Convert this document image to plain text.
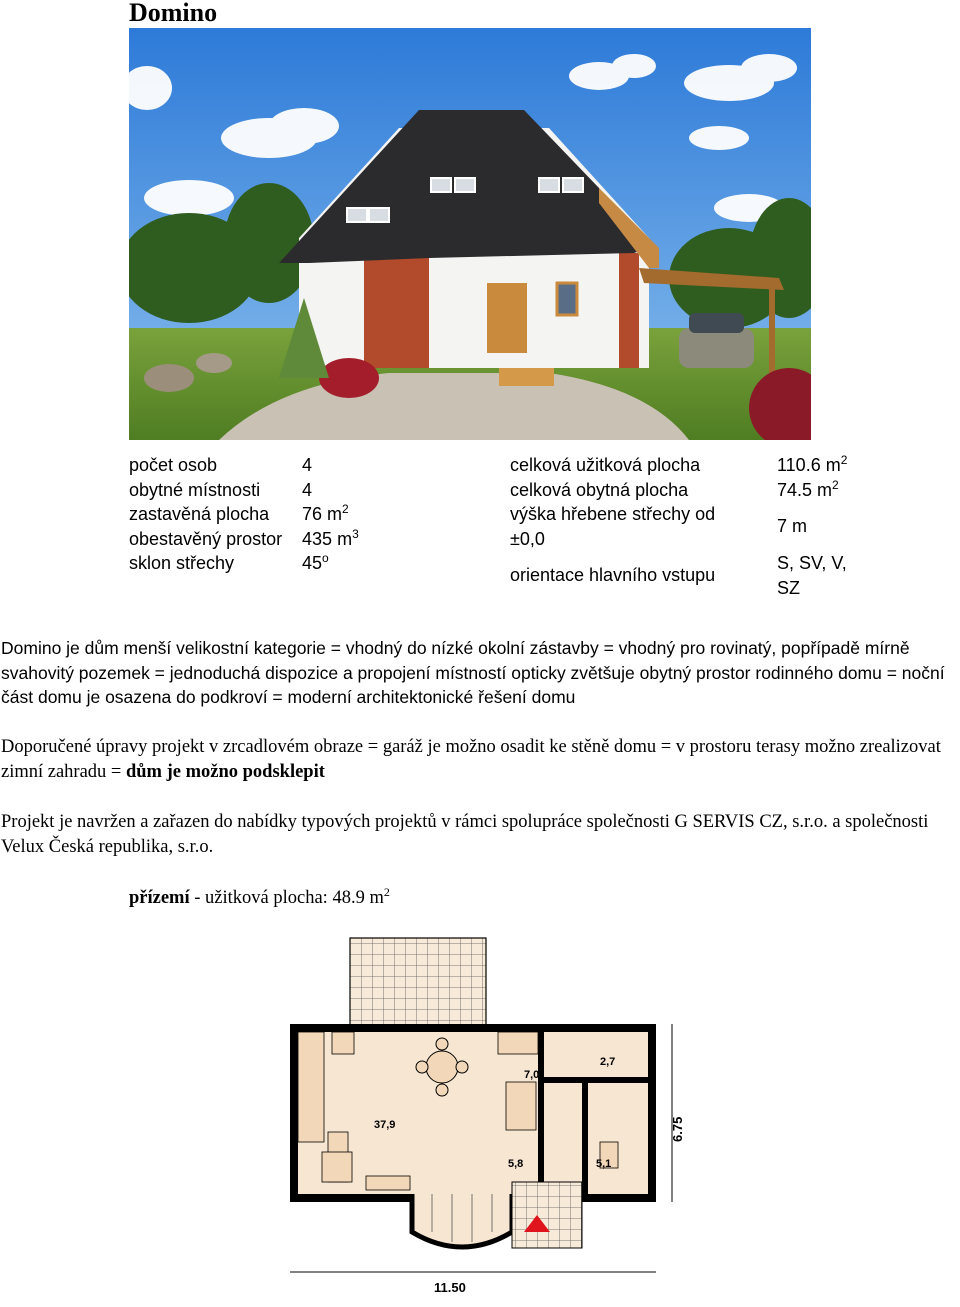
Domino
počet osob
obytné místnosti
zastavěná plocha
obestavěný prostor
sklon střechy
4
4
76 $m^2$
435 $m^3$
45$^o$
celková užitková plocha
celková obytná plocha
výška hřebene střechy od
±0,0
orientace hlavního vstupu
110.6 $m^2$
74.5 $m^2$
7 m
S, SV, V,
SZ
Domino je dům menší velikostní kategorie = vhodný do nízké okolní zástavby = vhodný pro rovinatý, popřípadě mírně svahovitý pozemek = jednoduchá dispozice a propojení místností opticky zvětšuje obytný prostor rodinného domu = noční část domu je osazena do podkroví = moderní architektonické řešení domu
Doporučené úpravy projekt v zrcadlovém obraze = garáž je možno osadit ke stěně domu = v prostoru terasy možno zrealizovat zimní zahradu = dům je možno podsklepit
Projekt je navržen a zařazen do nabídky typových projektů v rámci spolupráce společnosti G SERVIS CZ, s.r.o. a společnosti Velux Česká republika, s.r.o.
přízemí - užitková plocha: 48.9 $m^2$
37,9
7,0
2,7
5,8	5,1
6.75
11.50
